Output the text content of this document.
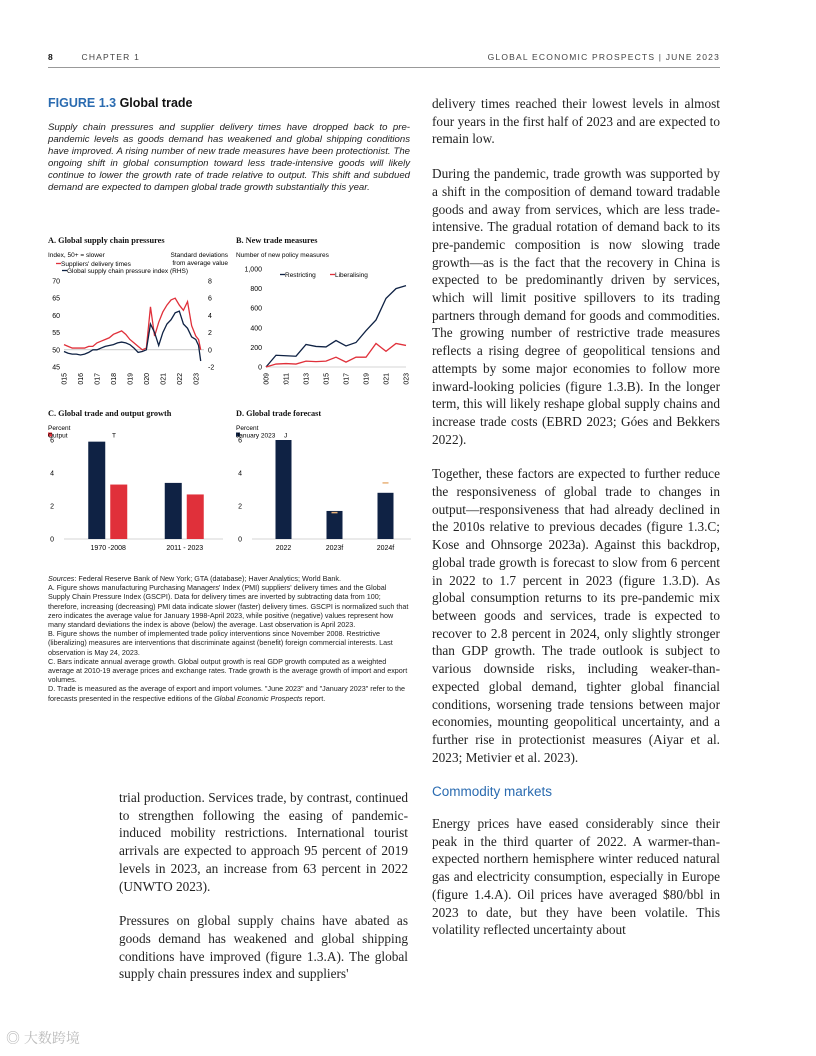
8	CHAPTER 1	GLOBAL ECONOMIC PROSPECTS | JUNE 2023
FIGURE 1.3 Global trade
Supply chain pressures and supplier delivery times have dropped back to pre-pandemic levels as goods demand has weakened and global shipping conditions have improved. A rising number of new trade measures have been protectionist. The ongoing shift in global consumption toward less trade-intensive goods will likely continue to lower the growth rate of trade relative to output. This shift and subdued demand are expected to dampen global trade growth substantially this year.
A. Global supply chain pressures
Index, 50+ = slower
45
50
55
60
65
70
-2
0
2
4
6
8
Standard deviations
from average value
2015 2016 2017 2018 2019 2020 2021 2022 2023
Suppliers' delivery times
Global supply chain pressure index (RHS)
B. New trade measures
Number of new policy measures
0
200
400
600
800
1,000
2009 2011 2013 2015 2017 2019 2021 2023
Restricting	Liberalising
C. Global trade and output growth
Percent
0
2
4
6
1970 -2008	2011 - 2023
T
Output
D. Global trade forecast
Percent
0
2
4
6
2022	2023f	2024f
J
January 2023

Sources: Federal Reserve Bank of New York; GTA (database); Haver Analytics; World Bank.

A. Figure shows manufacturing Purchasing Managers' Index (PMI) suppliers' delivery times and the Global Supply Chain Pressure Index (GSCPI). Data for delivery times are inverted by subtracting data from 100; therefore, increasing (decreasing) PMI data indicate slower (faster) delivery times. GSCPI is normalized such that zero indicates the average value for January 1998-April 2023, while positive (negative) values represent how many standard deviations the index is above (below) the average. Last observation is April 2023.

B. Figure shows the number of implemented trade policy interventions since November 2008. Restrictive (liberalizing) measures are interventions that discriminate against (benefit) foreign commercial interests. Last observation is May 24, 2023.

C. Bars indicate annual average growth. Global output growth is real GDP growth computed as a weighted average at 2010-19 average prices and exchange rates. Trade growth is the average growth of import and export volumes.

D. Trade is measured as the average of export and import volumes. "June 2023" and "January 2023" refer to the forecasts presented in the respective editions of the Global Economic Prospects report.

trial production. Services trade, by contrast, continued to strengthen following the easing of pandemic-induced mobility restrictions. International tourist arrivals are expected to approach 95 percent of 2019 levels in 2023, an increase from 63 percent in 2022 (UNWTO 2023).

Pressures on global supply chains have abated as goods demand has weakened and global shipping conditions have improved (figure 1.3.A). The global supply chain pressures index and suppliers'

delivery times reached their lowest levels in almost four years in the first half of 2023 and are expected to remain low.

During the pandemic, trade growth was supported by a shift in the composition of demand toward tradable goods and away from services, which are less trade-intensive. The gradual rotation of demand back to its pre-pandemic composition is now slowing trade growth—as is the fact that the recovery in China is expected to be predominantly driven by services, which will limit positive spillovers to its trading partners through demand for goods and commodities. The growing number of restrictive trade measures reflects a rising degree of geopolitical tensions and attempts by some major economies to follow more inward-looking policies (figure 1.3.B). In the longer term, this will likely reshape global supply chains and increase trade costs (EBRD 2023; Góes and Bekkers 2022).

Together, these factors are expected to further reduce the responsiveness of global trade to changes in output—responsiveness that had already declined in the 2010s relative to previous decades (figure 1.3.C; Kose and Ohnsorge 2023a). Against this backdrop, global trade growth is forecast to slow from 6 percent in 2022 to 1.7 percent in 2023 (figure 1.3.D). As global consumption returns to its pre-pandemic mix between goods and services, trade is expected to recover to 2.8 percent in 2024, only slightly stronger than GDP growth. The trade outlook is subject to various downside risks, including weaker-than-expected global demand, tighter global financial conditions, worsening trade tensions between major economies, mounting geopolitical uncertainty, and a further rise in protectionist measures (Aiyar et al. 2023; Metivier et al. 2023).

Commodity markets

Energy prices have eased considerably since their peak in the third quarter of 2022. A warmer-than-expected northern hemisphere winter reduced natural gas and electricity consumption, especially in Europe (figure 1.4.A). Oil prices have averaged $80/bbl in 2023 to date, but they have been volatile. This volatility reflected uncertainty about

◎ 大数跨境
